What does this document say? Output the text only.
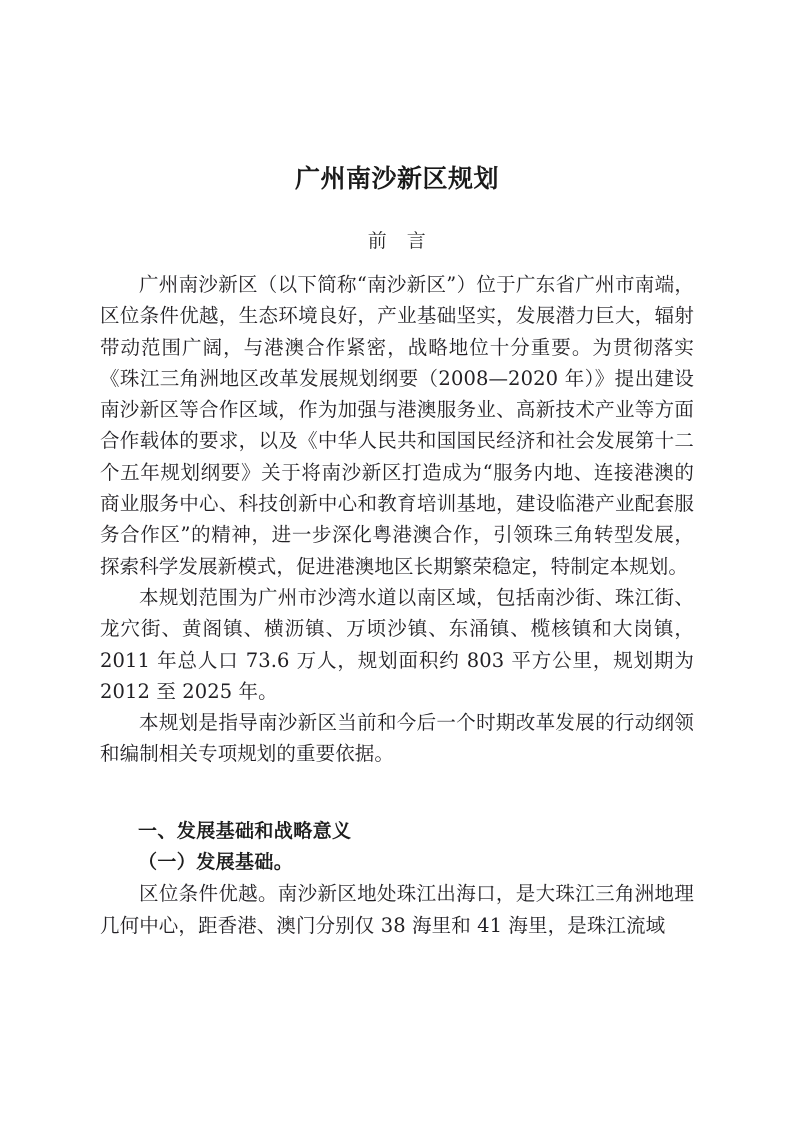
广州南沙新区规划
前　言

广州南沙新区（以下简称“南沙新区”）位于广东省广州市南端，区位条件优越，生态环境良好，产业基础坚实，发展潜力巨大，辐射带动范围广阔，与港澳合作紧密，战略地位十分重要。为贯彻落实《珠江三角洲地区改革发展规划纲要（2008—2020 年）》提出建设南沙新区等合作区域，作为加强与港澳服务业、高新技术产业等方面合作载体的要求，以及《中华人民共和国国民经济和社会发展第十二个五年规划纲要》关于将南沙新区打造成为“服务内地、连接港澳的商业服务中心、科技创新中心和教育培训基地，建设临港产业配套服务合作区”的精神，进一步深化粤港澳合作，引领珠三角转型发展，探索科学发展新模式，促进港澳地区长期繁荣稳定，特制定本规划。

本规划范围为广州市沙湾水道以南区域，包括南沙街、珠江街、龙穴街、黄阁镇、横沥镇、万顷沙镇、东涌镇、榄核镇和大岗镇，2011 年总人口 73.6 万人，规划面积约 803 平方公里，规划期为 2012 至 2025 年。

本规划是指导南沙新区当前和今后一个时期改革发展的行动纲领和编制相关专项规划的重要依据。

一、发展基础和战略意义
（一）发展基础。

区位条件优越。南沙新区地处珠江出海口，是大珠江三角洲地理几何中心，距香港、澳门分别仅 38 海里和 41 海里，是珠江流域
